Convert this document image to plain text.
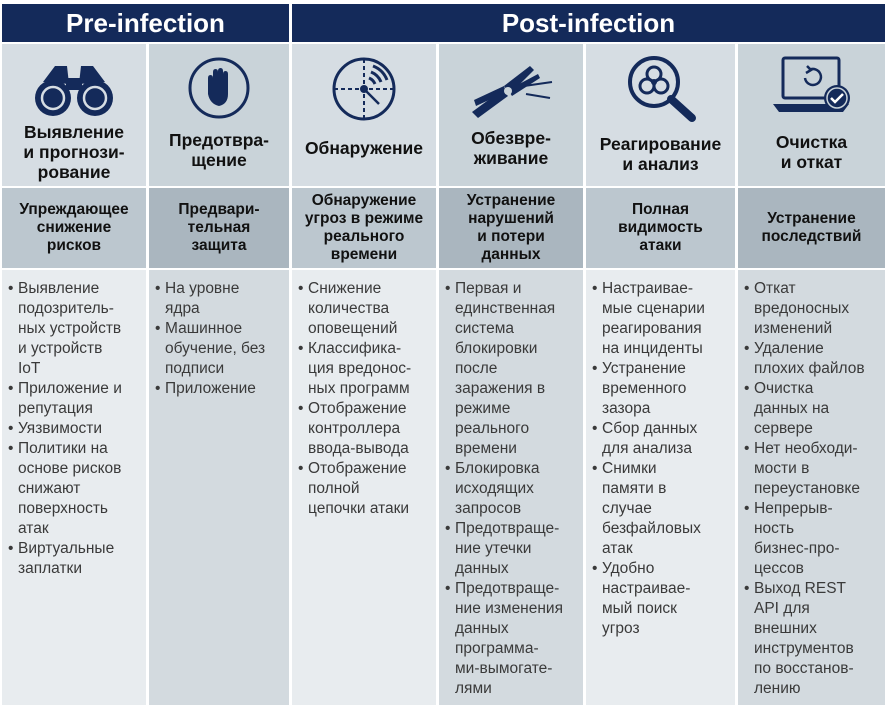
Pre-infection	Post-infection
Выявление
и прогнози-
рование
Упреждающее
снижение
рисков
• Выявление
подозритель-
ных устройств
и устройств
IoT
• Приложение и
репутация
• Уязвимости
• Политики на
основе рисков
снижают
поверхность
атак
• Виртуальные
заплатки
Предотвра-
щение
Предвари-
тельная
защита
• На уровне
ядра
• Машинное
обучение, без
подписи
• Приложение
Обнаружение
Обнаружение
угроз в режиме
реального
времени
• Снижение
количества
оповещений
• Классифика-
ция вредонос-
ных программ
• Отображение
контроллера
ввода-вывода
• Отображение
полной
цепочки атаки
Обезвре-
живание
Устранение
нарушений
и потери
данных
• Первая и
единственная
система
блокировки
после
заражения в
режиме
реального
времени
• Блокировка
исходящих
запросов
• Предотвраще-
ние утечки
данных
• Предотвраще-
ние изменения
данных
программа-
ми-вымогате-
лями
Реагирование
и анализ
Полная
видимость
атаки
• Настраивае-
мые сценарии
реагирования
на инциденты
• Устранение
временного
зазора
• Сбор данных
для анализа
• Снимки
памяти в
случае
безфайловых
атак
• Удобно
настраивае-
мый поиск
угроз
Очистка
и откат
Устранение
последствий
• Откат
вредоносных
изменений
• Удаление
плохих файлов
• Очистка
данных на
сервере
• Нет необходи-
мости в
переустановке
• Непрерыв-
ность
бизнес-про-
цессов
• Выход REST
API для
внешних
инструментов
по восстанов-
лению
